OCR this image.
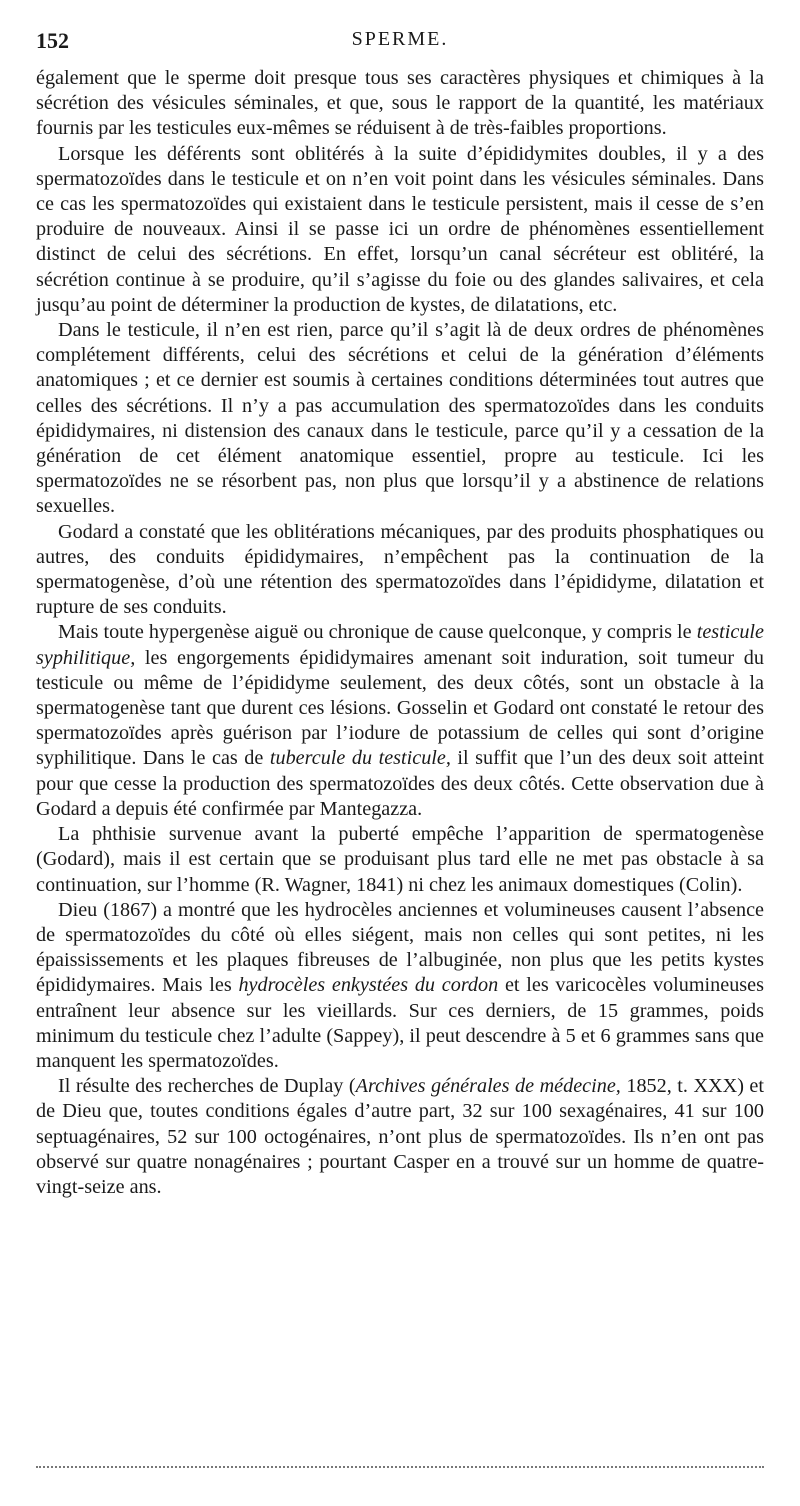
152	SPERME.

également que le sperme doit presque tous ses caractères physiques et chimiques à la sécrétion des vésicules séminales, et que, sous le rapport de la quantité, les matériaux fournis par les testicules eux-mêmes se réduisent à de très-faibles proportions.

Lorsque les déférents sont oblitérés à la suite d’épididymites doubles, il y a des spermatozoïdes dans le testicule et on n’en voit point dans les vésicules séminales. Dans ce cas les spermatozoïdes qui existaient dans le testicule persistent, mais il cesse de s’en produire de nouveaux. Ainsi il se passe ici un ordre de phénomènes essentiellement distinct de celui des sécrétions. En effet, lorsqu’un canal sécréteur est oblitéré, la sécrétion continue à se produire, qu’il s’agisse du foie ou des glandes salivaires, et cela jusqu’au point de déterminer la production de kystes, de dilatations, etc.

Dans le testicule, il n’en est rien, parce qu’il s’agit là de deux ordres de phénomènes complétement différents, celui des sécrétions et celui de la génération d’éléments anatomiques ; et ce dernier est soumis à certaines conditions déterminées tout autres que celles des sécrétions. Il n’y a pas accumulation des spermatozoïdes dans les conduits épididymaires, ni distension des canaux dans le testicule, parce qu’il y a cessation de la génération de cet élément anatomique essentiel, propre au testicule. Ici les spermatozoïdes ne se résorbent pas, non plus que lorsqu’il y a abstinence de relations sexuelles.

Godard a constaté que les oblitérations mécaniques, par des produits phosphatiques ou autres, des conduits épididymaires, n’empêchent pas la continuation de la spermatogenèse, d’où une rétention des spermatozoïdes dans l’épididyme, dilatation et rupture de ses conduits.

Mais toute hypergenèse aiguë ou chronique de cause quelconque, y compris le testicule syphilitique, les engorgements épididymaires amenant soit induration, soit tumeur du testicule ou même de l’épididyme seulement, des deux côtés, sont un obstacle à la spermatogenèse tant que durent ces lésions. Gosselin et Godard ont constaté le retour des spermatozoïdes après guérison par l’iodure de potassium de celles qui sont d’origine syphilitique. Dans le cas de tubercule du testicule, il suffit que l’un des deux soit atteint pour que cesse la production des spermatozoïdes des deux côtés. Cette observation due à Godard a depuis été confirmée par Mantegazza.

La phthisie survenue avant la puberté empêche l’apparition de spermatogenèse (Godard), mais il est certain que se produisant plus tard elle ne met pas obstacle à sa continuation, sur l’homme (R. Wagner, 1841) ni chez les animaux domestiques (Colin).

Dieu (1867) a montré que les hydrocèles anciennes et volumineuses causent l’absence de spermatozoïdes du côté où elles siégent, mais non celles qui sont petites, ni les épaississements et les plaques fibreuses de l’albuginée, non plus que les petits kystes épididymaires. Mais les hydrocèles enkystées du cordon et les varicocèles volumineuses entraînent leur absence sur les vieillards. Sur ces derniers, de 15 grammes, poids minimum du testicule chez l’adulte (Sappey), il peut descendre à 5 et 6 grammes sans que manquent les spermatozoïdes.

Il résulte des recherches de Duplay (Archives générales de médecine, 1852, t. XXX) et de Dieu que, toutes conditions égales d’autre part, 32 sur 100 sexagénaires, 41 sur 100 septuagénaires, 52 sur 100 octogénaires, n’ont plus de spermatozoïdes. Ils n’en ont pas observé sur quatre nonagénaires ; pourtant Casper en a trouvé sur un homme de quatre-vingt-seize ans.
